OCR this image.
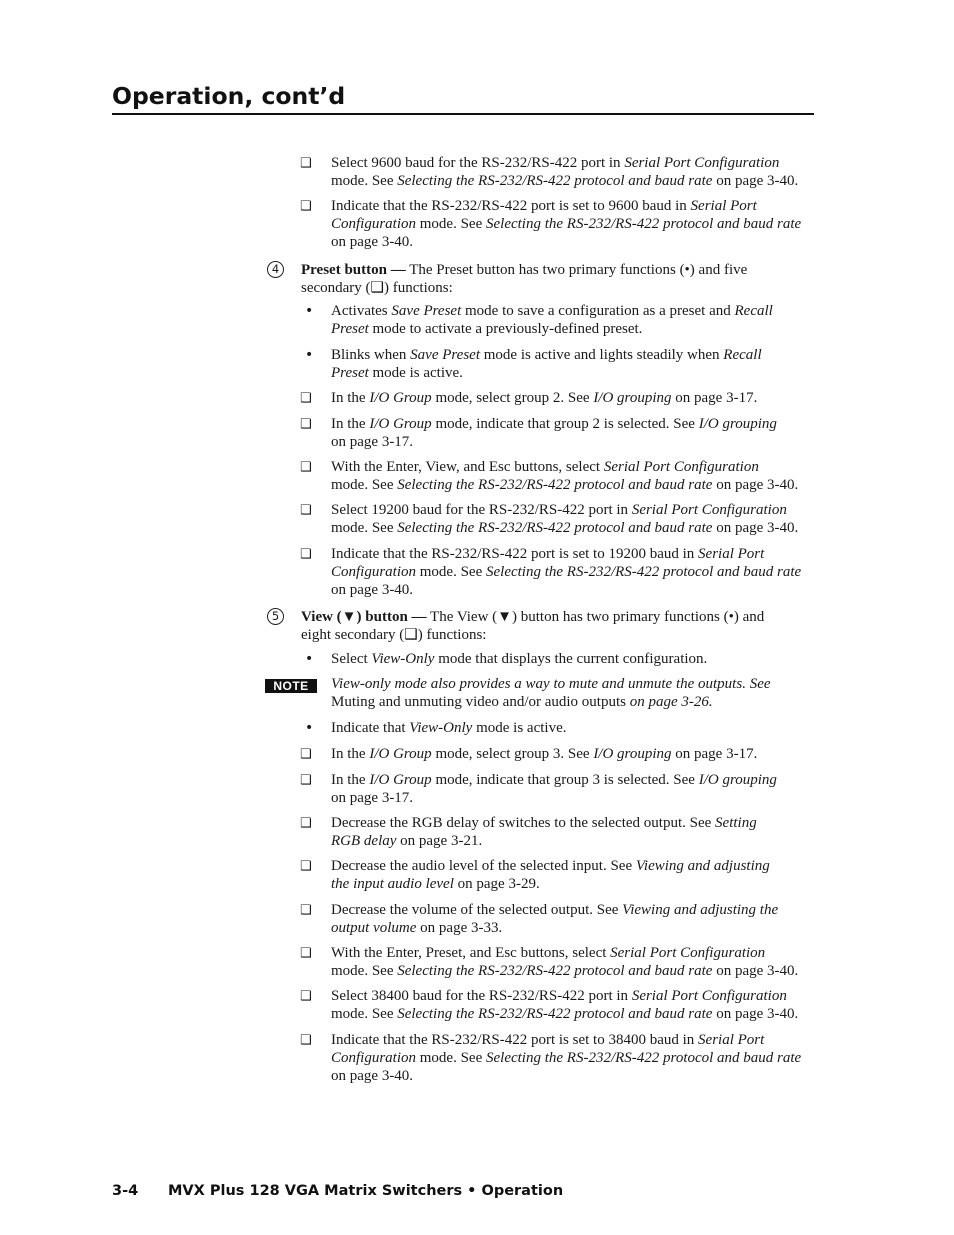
Operation, cont’d
❑ Select 9600 baud for the RS-232/RS-422 port in Serial Port Configuration
mode. See Selecting the RS-232/RS-422 protocol and baud rate on page 3-40.
❑ Indicate that the RS-232/RS-422 port is set to 9600 baud in Serial Port
Configuration mode. See Selecting the RS-232/RS-422 protocol and baud rate
on page 3-40.
4	Preset button — The Preset button has two primary functions (•) and five
secondary (❑) functions:
• Activates Save Preset mode to save a configuration as a preset and Recall
Preset mode to activate a previously-defined preset.
• Blinks when Save Preset mode is active and lights steadily when Recall
Preset mode is active.
❑ In the I/O Group mode, select group 2. See I/O grouping on page 3-17.
❑ In the I/O Group mode, indicate that group 2 is selected. See I/O grouping
on page 3-17.
❑ With the Enter, View, and Esc buttons, select Serial Port Configuration
mode. See Selecting the RS-232/RS-422 protocol and baud rate on page 3-40.
❑ Select 19200 baud for the RS-232/RS-422 port in Serial Port Configuration
mode. See Selecting the RS-232/RS-422 protocol and baud rate on page 3-40.
❑ Indicate that the RS-232/RS-422 port is set to 19200 baud in Serial Port
Configuration mode. See Selecting the RS-232/RS-422 protocol and baud rate
on page 3-40.
5	View (▼) button — The View (▼) button has two primary functions (•) and
eight secondary (❑) functions:
• Select View-Only mode that displays the current configuration.
NOTE	View-only mode also provides a way to mute and unmute the outputs. See
Muting and unmuting video and/or audio outputs on page 3-26.
• Indicate that View-Only mode is active.
❑ In the I/O Group mode, select group 3. See I/O grouping on page 3-17.
❑ In the I/O Group mode, indicate that group 3 is selected. See I/O grouping
on page 3-17.
❑ Decrease the RGB delay of switches to the selected output. See Setting
RGB delay on page 3-21.
❑ Decrease the audio level of the selected input. See Viewing and adjusting
the input audio level on page 3-29.
❑ Decrease the volume of the selected output. See Viewing and adjusting the
output volume on page 3-33.
❑ With the Enter, Preset, and Esc buttons, select Serial Port Configuration
mode. See Selecting the RS-232/RS-422 protocol and baud rate on page 3-40.
❑ Select 38400 baud for the RS-232/RS-422 port in Serial Port Configuration
mode. See Selecting the RS-232/RS-422 protocol and baud rate on page 3-40.
❑ Indicate that the RS-232/RS-422 port is set to 38400 baud in Serial Port
Configuration mode. See Selecting the RS-232/RS-422 protocol and baud rate
on page 3-40.
3-4 MVX Plus 128 VGA Matrix Switchers • Operation
